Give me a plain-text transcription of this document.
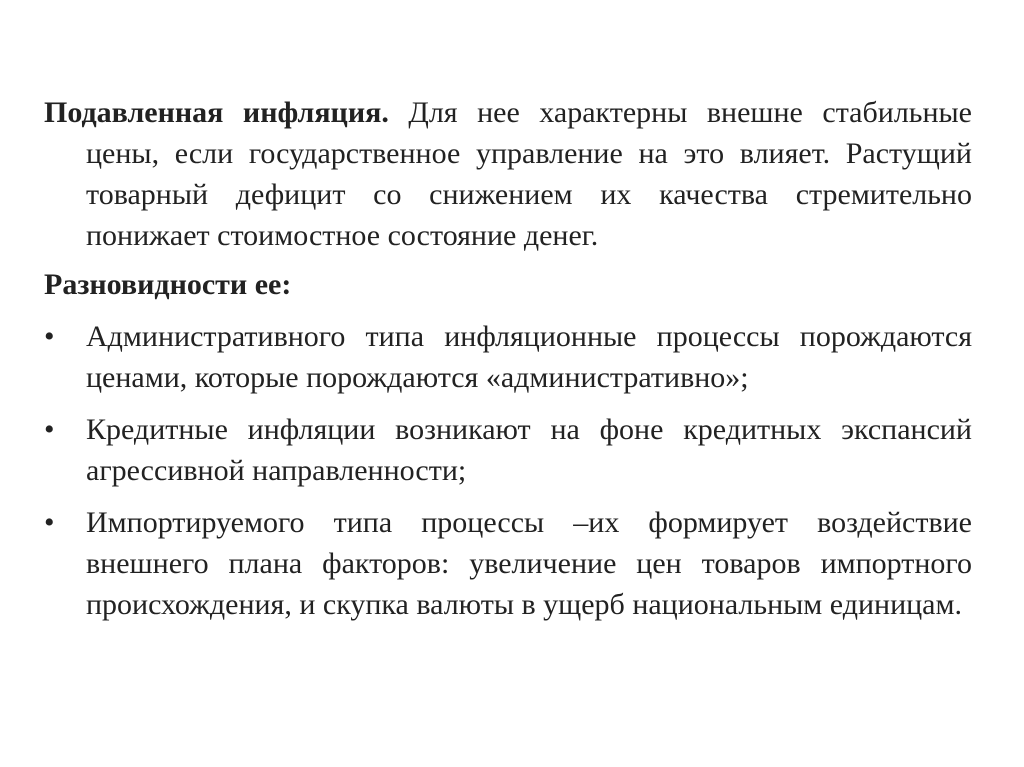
Подавленная инфляция. Для нее характерны внешне стабильные цены, если государственное управление на это влияет. Растущий товарный дефицит со снижением их качества стремительно понижает стоимостное состояние денег.

Разновидности ее:

•	Административного типа инфляционные процессы порождаются ценами, которые порождаются «административно»;
•	Кредитные инфляции возникают на фоне кредитных экспансий агрессивной направленности;
•	Импортируемого типа процессы –их формирует воздействие внешнего плана факторов: увеличение цен товаров импортного происхождения, и скупка валюты в ущерб национальным единицам.
